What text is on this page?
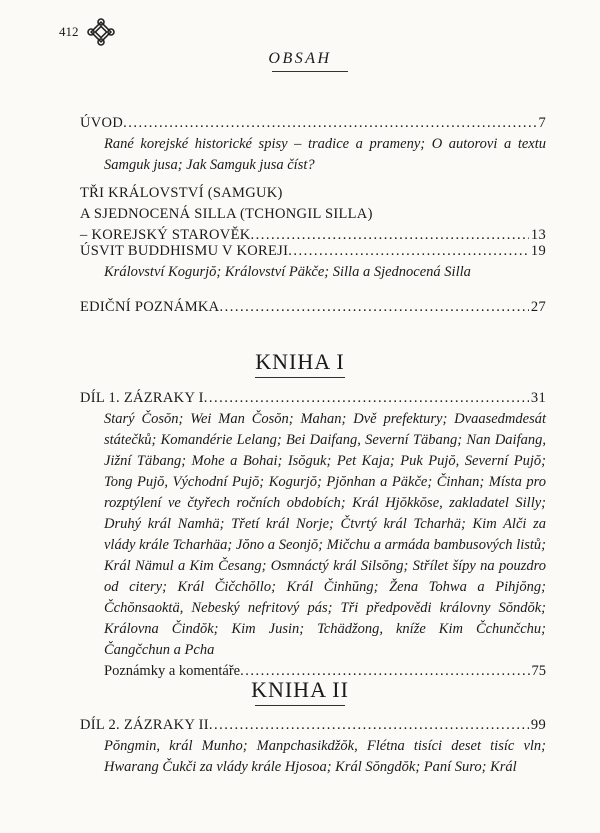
412
OBSAH
ÚVOD .....	7
Rané korejské historické spisy – tradice a prameny; O autorovi a textu Samguk jusa; Jak Samguk jusa číst?
TŘI KRÁLOVSTVÍ (SAMGUK)
A SJEDNOCENÁ SILLA (TCHONGIL SILLA)
– KOREJSKÝ STAROVĚK .....	13
ÚSVIT BUDDHISMU V KOREJI .....	19
Království Kogurjŏ; Království Päkče; Silla a Sjednocená Silla
EDIČNÍ POZNÁMKA .....	27
KNIHA I
DÍL 1. ZÁZRAKY I .....	31
Starý Čosŏn; Wei Man Čosŏn; Mahan; Dvě prefektury; Dvaasedmdesát státečků; Komandérie Lelang; Bei Daifang, Severní Täbang; Nan Daifang, Jižní Täbang; Mohe a Bohai; Isŏguk; Pet Kaja; Puk Pujŏ, Severní Pujŏ; Tong Pujŏ, Východní Pujŏ; Kogurjŏ; Pjŏnhan a Päkče; Činhan; Místa pro rozptýlení ve čtyřech ročních obdobích; Král Hjŏkkŏse, zakladatel Silly; Druhý král Namhä; Třetí král Norje; Čtvrtý král Tcharhä; Kim Alči za vlády krále Tcharhäa; Jŏno a Seonjŏ; Mičchu a armáda bambusových listů; Král Nämul a Kim Česang; Osmnáctý král Silsŏng; Střílet šípy na pouzdro od citery; Král Čičchŏllo; Král Činhŭng; Žena Tohwa a Pihjŏng; Čchŏnsaoktä, Nebeský nefritový pás; Tři předpovědi královny Sŏndŏk; Královna Čindŏk; Kim Jusin; Tchädžong, kníže Kim Čchunčchu; Čangčchun a Pcha
Poznámky a komentáře .....	75
KNIHA II
DÍL 2. ZÁZRAKY II .....	99
Pŏngmin, král Munho; Manpchasikdžŏk, Flétna tisíci deset tisíc vln; Hwarang Čukči za vlády krále Hjosoa; Král Sŏngdŏk; Paní Suro; Král
